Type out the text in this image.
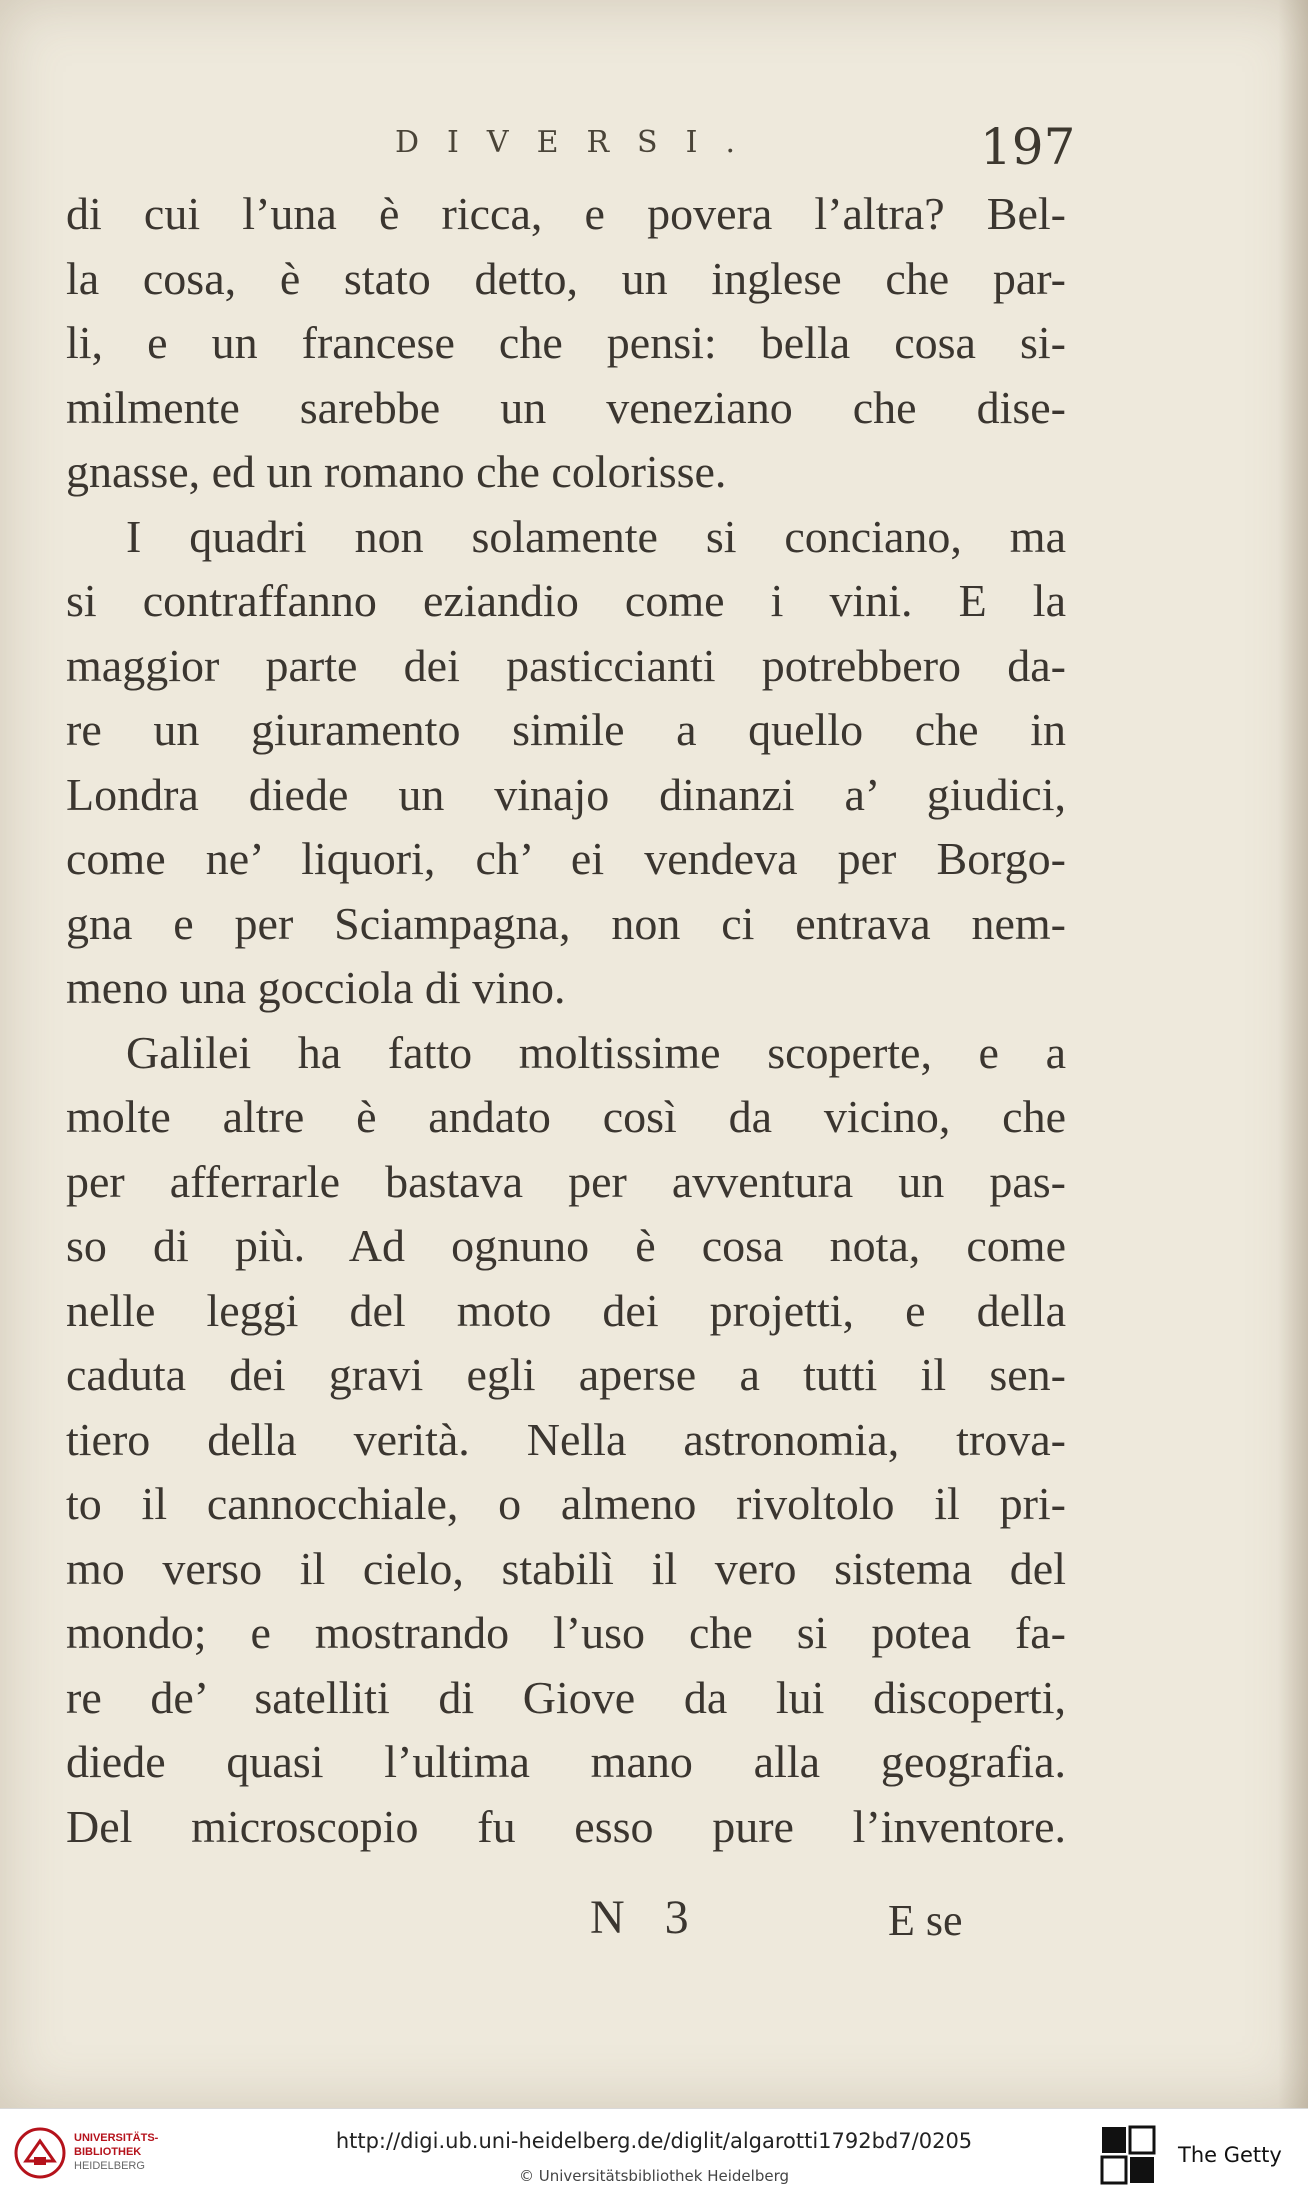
DIVERSI.	197
di cui l’una è ricca, e povera l’altra? Bel-
la cosa, è stato detto, un inglese che par-
li, e un francese che pensi: bella cosa si-
milmente sarebbe un veneziano che dise-
gnasse, ed un romano che colorisse.
I quadri non solamente si conciano, ma
si contraffanno eziandio come i vini. E la
maggior parte dei pasticcianti potrebbero da-
re un giuramento simile a quello che in
Londra diede un vinajo dinanzi a’ giudici,
come ne’ liquori, ch’ ei vendeva per Borgo-
gna e per Sciampagna, non ci entrava nem-
meno una gocciola di vino.
Galilei ha fatto moltissime scoperte, e a
molte altre è andato così da vicino, che
per afferrarle bastava per avventura un pas-
so di più. Ad ognuno è cosa nota, come
nelle leggi del moto dei projetti, e della
caduta dei gravi egli aperse a tutti il sen-
tiero della verità. Nella astronomia, trova-
to il cannocchiale, o almeno rivoltolo il pri-
mo verso il cielo, stabilì il vero sistema del
mondo; e mostrando l’uso che si potea fa-
re de’ satelliti di Giove da lui discoperti,
diede quasi l’ultima mano alla geografia.
Del microscopio fu esso pure l’inventore.
N 3	E se
UNIVERSITÄTS-
BIBLIOTHEK
HEIDELBERG
http://digi.ub.uni-heidelberg.de/diglit/algarotti1792bd7/0205
© Universitätsbibliothek Heidelberg
The Getty
